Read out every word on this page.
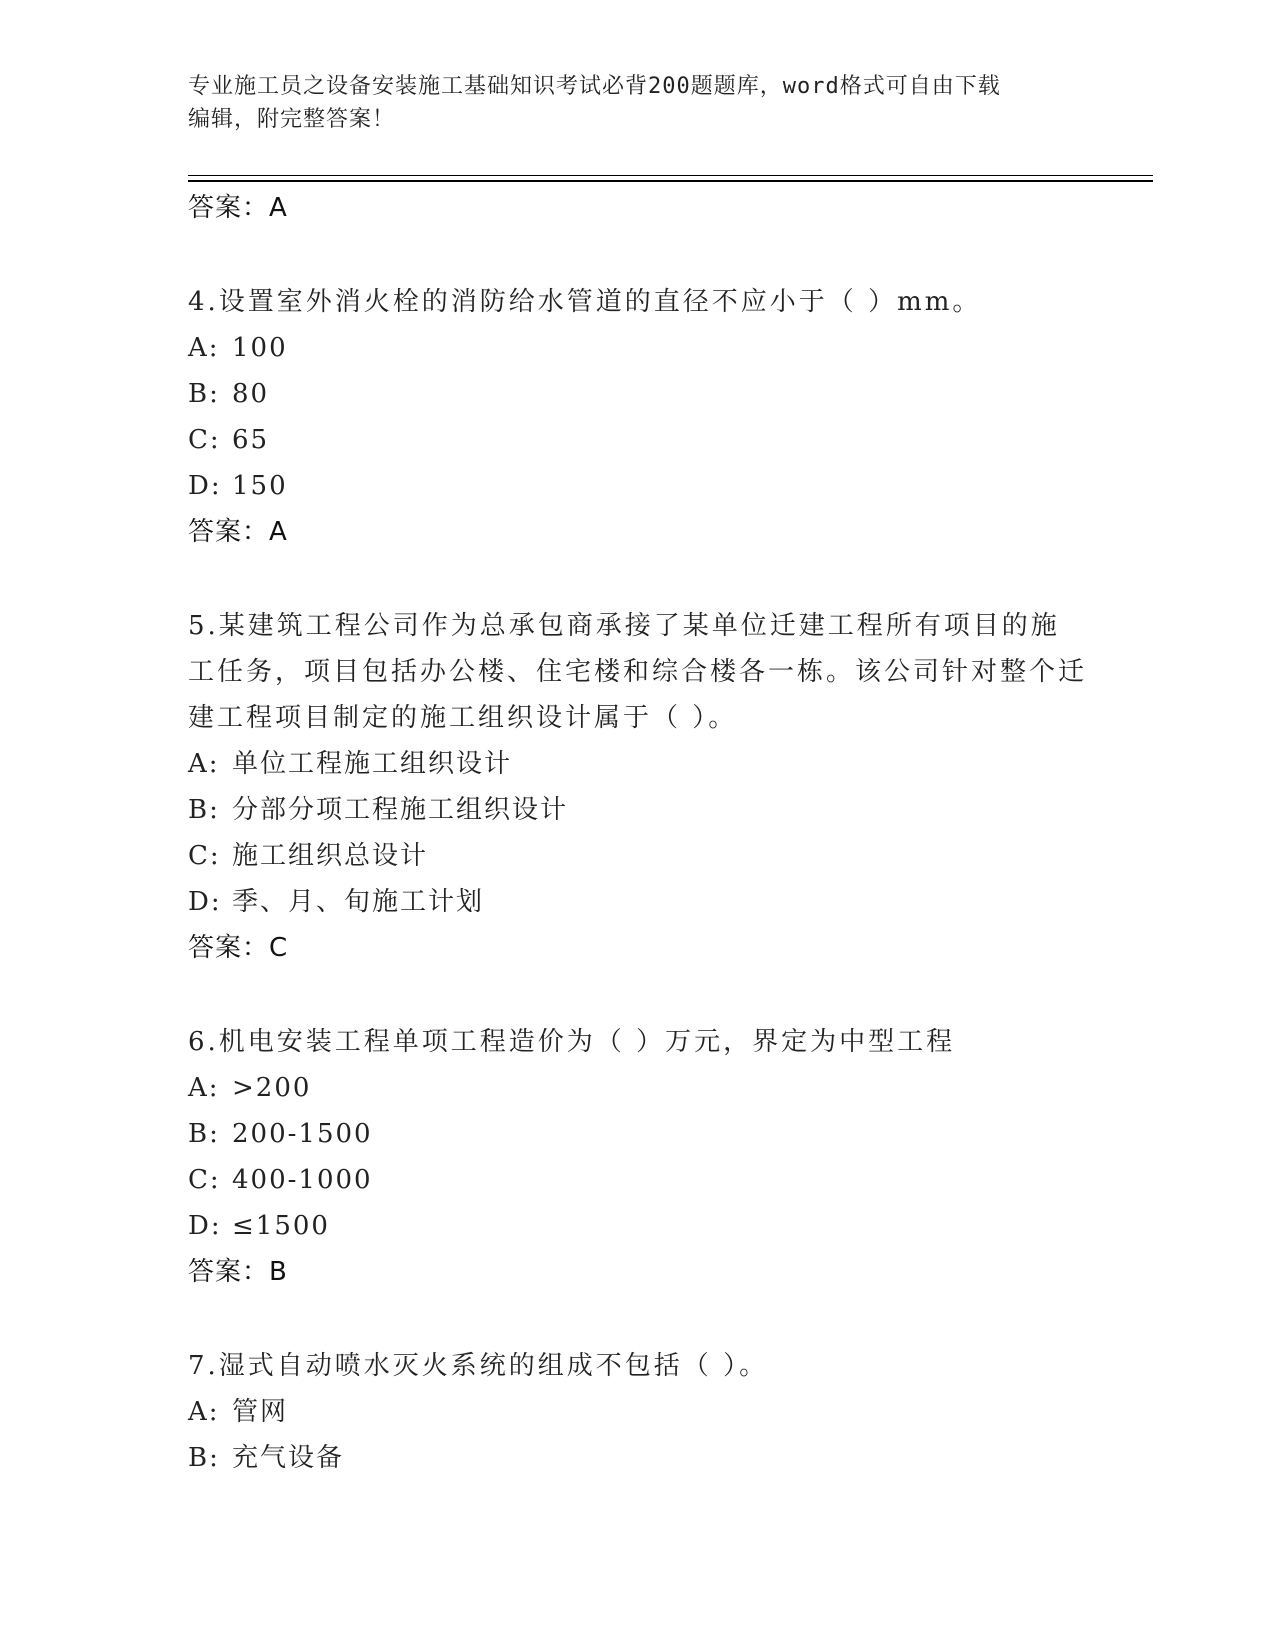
专业施工员之设备安装施工基础知识考试必背200题题库，word格式可自由下载
编辑，附完整答案！
答案：A
4.设置室外消火栓的消防给水管道的直径不应小于（ ）mm。
A: 100
B: 80
C: 65
D: 150
答案：A
5.某建筑工程公司作为总承包商承接了某单位迁建工程所有项目的施工任务，项目包括办公楼、住宅楼和综合楼各一栋。该公司针对整个迁建工程项目制定的施工组织设计属于（ ）。
A: 单位工程施工组织设计
B: 分部分项工程施工组织设计
C: 施工组织总设计
D: 季、月、旬施工计划
答案：C
6.机电安装工程单项工程造价为（ ）万元，界定为中型工程
A: >200
B: 200-1500
C: 400-1000
D: ≤1500
答案：B
7.湿式自动喷水灭火系统的组成不包括（ ）。
A: 管网
B: 充气设备
